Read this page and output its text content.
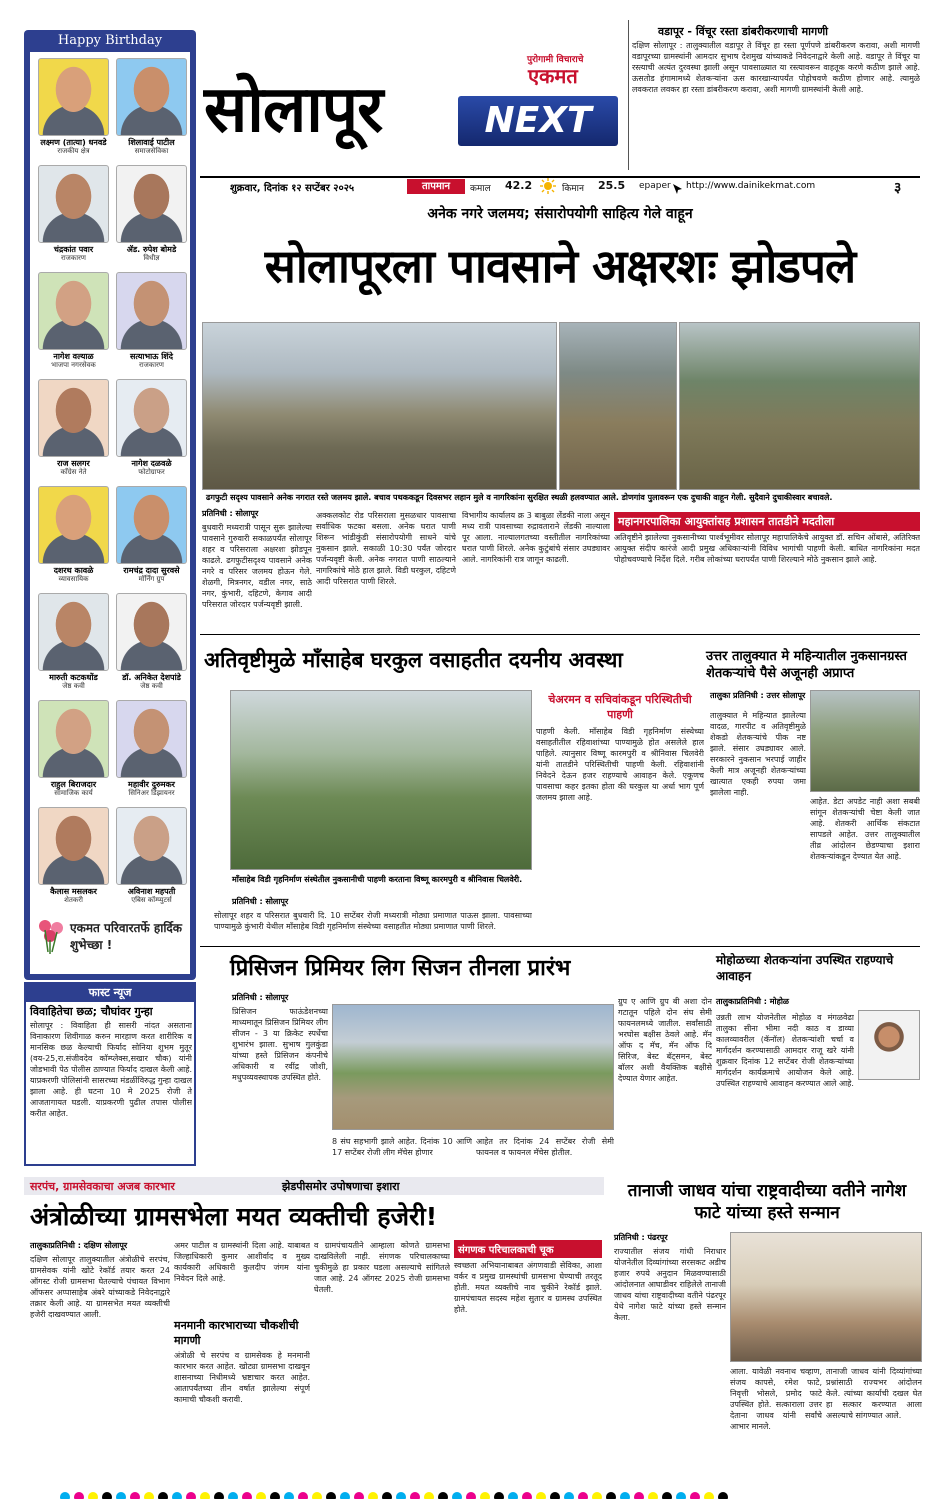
Happy Birthday
लक्ष्मण (तात्या) धनवडे
राजकीय क्षेत्र
शिलावाई पाटील
समाजसेविका
चंद्रकांत पवार
राजकारण
ॲड. रुपेश बोमडे
विधीज्ञ
नागेश वल्याळ
भाजपा नगरसेवक
सत्याभाऊ शिंदे
राजकारण
राज सलगर
कॉंग्रेस नेते
नागेश दळवळे
फोटोग्राफर
दशरथ कावळे
व्यावसायिक
रामचंद्र दादा सुरवसे
मॉर्निंग ग्रुप
मारुती कटकधोंड
जेष्ठ कवी
डॉ. अनिकेत देशपांडे
जेष्ठ कवी
राहुल बिराजदार
सामाजिक कार्य
महावीर दुरुमकर
सिनिअर डिझायनर
कैलास मसलकर
शेतकरी
अविनाश महपती
एबिस कॉम्प्युटर्स
एकमत परिवारतर्फे हार्दिक शुभेच्छा !
फास्ट न्यूज
विवाहितेचा छळ; चौघांवर गुन्हा
सोलापूर : विवाहिता ही सासरी नांदत असताना विनाकारण शिवीगाळ करुन मारहाण करत शारीरिक व मानसिक छळ केल्याची फिर्याद सोनिया शुभम मुतूर (वय-25,रा.संजीवदेव कॉम्प्लेक्स,सखार चौक) यांनी जोडभावी पेठ पोलीस ठाण्यात फिर्याद दाखल केली आहे. याप्रकरणी पोलिसांनी सासरच्या मंडळींविरुद्ध गुन्हा दाखल झाला आहे. ही घटना 10 मे 2025 रोजी ते आजतागायत घडली. याप्रकरणी पुढील तपास पोलीस करीत आहेत.
पुरोगामी विचाराचे
एकमत
सोलापूर	NEXT
शुक्रवार, दिनांक १२ सप्टेंबर २०२५	तापमान	कमाल 42.2	किमान 25.5 epaper http://www.dainikekmat.com	३
वडापूर - विंचूर रस्ता डांबरीकरणाची मागणी
दक्षिण सोलापूर : तालुक्यातील वडापूर ते विंचूर हा रस्ता पूर्णपणे डांबरीकरण करावा, अशी मागणी वडापूरच्या ग्रामस्थांनी आमदार सुभाष देशमुख यांच्याकडे निवेदनाद्वारे केली आहे. वडापूर ते विंचूर या रस्त्याची अत्यंत दुरवस्था झाली असून पावसाळ्यात या रस्त्यावरून वाहतूक करणे कठीण झाले आहे. ऊसतोड हंगामामध्ये शेतकऱ्यांना ऊस कारखान्यापर्यंत पोहोचवणे कठीण होणार आहे. त्यामुळे लवकरात लवकर हा रस्ता डांबरीकरण करावा, अशी मागणी ग्रामस्थांनी केली आहे.
अनेक नगरे जलमय; संसारोपयोगी साहित्य गेले वाहून
सोलापूरला पावसाने अक्षरशः झोडपले
ढगफुटी सदृश्य पावसाने अनेक नगरात रस्ते जलमय झाले. बचाव पथककडून दिवसभर लहान मुले व नागरिकांना सुरक्षित स्थळी हलवण्यात आले. डोणगांव पुलावरून एक दुचाकी वाहून गेली. सुदैवाने दुचाकीस्वार बचावले.
प्रतिनिधी : सोलापूर
बुधवारी मध्यरात्री पासून सुरू झालेल्या पावसाने गुरुवारी सकाळपर्यंत सोलापूर शहर व परिसराला अक्षरशः झोडपून काढले. ढगफुटीसदृश्य पावसाने अनेक नगरे व परिसर जलमय होऊन गेले. शेळगी, मित्रनगर, वडील नगर, साठे नगर, कुंभारी, दहिटणे, केगाव आदी परिसरात जोरदार पर्जन्यवृष्टी झाली.
अक्कलकोट रोड परिसराला मुसळधार पावसाचा सर्वाधिक फटका बसला. अनेक घरात पाणी शिरून भांडीकुंडी संसारोपयोगी साधने यांचे नुकसान झाले. सकाळी 10:30 पर्यंत जोरदार पर्जन्यवृष्टी केली. अनेक नगरात पाणी साठल्याने नागरिकांचे मोठे हाल झाले. विडी घरकुल, दहिटणे आदी परिसरात पाणी शिरले.
विभागीय कार्यालय क्र 3 बाबुळा लेंडकी नाला असून मध्य रात्री पावसाच्या रुद्रावताराने लेंडकी नाल्याला पूर आला. नाल्यालगतच्या वस्तीतील नागरिकांच्या घरात पाणी शिरले. अनेक कुटुंबांचे संसार उघड्यावर आले. नागरिकांनी रात्र जागून काढली.
महानगरपालिका आयुक्तांसह प्रशासन तातडीने मदतीला
अतिवृष्टीने झालेल्या नुकसानीच्या पार्श्वभूमीवर सोलापूर महापालिकेचे आयुक्त डॉ. सचिन ओंबासे, अतिरिक्त आयुक्त संदीप कारंजे आदी प्रमुख अधिकाऱ्यांनी विविध भागांची पाहणी केली. बाधित नागरिकांना मदत पोहोचवण्याचे निर्देश दिले. गरीब लोकांच्या घरापर्यंत पाणी शिरल्याने मोठे नुकसान झाले आहे.
अतिवृष्टीमुळे माँसाहेब घरकुल वसाहतीत दयनीय अवस्था
चेअरमन व सचिवांकडून परिस्थितीची पाहणी
पाहणी केली. माँसाहेब विडी गृहनिर्माण संस्थेच्या वसाहतीतील रहिवाशांच्या पाण्यामुळे होत असलेले हाल पाहिले. त्यानुसार विष्णू कारमपुरी व श्रीनिवास चिलवेरी यांनी तातडीने परिस्थितीची पाहणी केली. रहिवाशांनी निवेदने देऊन हजर राहण्याचे आवाहन केले. एकूणच पावसाचा कहर इतका होता की घरकुल या अर्धा भाग पूर्ण जलमय झाला आहे.
माँसाहेब विडी गृहनिर्माण संस्थेतील नुकसानीची पाहणी करताना विष्णू कारमपुरी व श्रीनिवास चिलवेरी.
प्रतिनिधी : सोलापूर
सोलापूर शहर व परिसरात बुधवारी दि. 10 सप्टेंबर रोजी मध्यरात्री मोठ्या प्रमाणात पाऊस झाला. पावसाच्या पाण्यामुळे कुंभारी येथील माँसाहेब विडी गृहनिर्माण संस्थेच्या वसाहतीत मोठ्या प्रमाणात पाणी शिरले.
उत्तर तालुक्यात मे महिन्यातील नुकसानग्रस्त शेतकऱ्यांचे पैसे अजूनही अप्राप्त
तालुका प्रतिनिधी : उत्तर सोलापूर
तालुक्यात मे महिन्यात झालेल्या वादळ, गारपीट व अतिवृष्टीमुळे शेकडो शेतकऱ्यांचे पीक नष्ट झाले. संसार उघड्यावर आले. सरकारने नुकसान भरपाई जाहीर केली मात्र अजूनही शेतकऱ्यांच्या खात्यात एकही रुपया जमा झालेला नाही.
आहेत. डेटा अपडेट नाही अशा सबबी सांगून शेतकऱ्यांची चेष्टा केली जात आहे. शेतकरी आर्थिक संकटात सापडले आहेत. उत्तर तालुक्यातील तीव्र आंदोलन छेडण्याचा इशारा शेतकऱ्यांकडून देण्यात येत आहे.
प्रिसिजन प्रिमियर लिग सिजन तीनला प्रारंभ
प्रतिनिधी : सोलापूर
प्रिसिजन फाऊंडेशनच्या माध्यमातून प्रिसिजन प्रिमियर लीग सीजन - 3 या क्रिकेट स्पर्धेचा शुभारंभ झाला. सुभाष गुलकुंडा यांच्या हस्ते प्रिसिजन कंपनीचे अधिकारी व रवींद्र जोशी, मधुपव्यवस्थापक उपस्थित होते.
8 संघ सहभागी झाले आहेत. दिनांक 10 आणि 17 सप्टेंबर रोजी लीग मॅचेस होणार
आहेत तर दिनांक 24 सप्टेंबर रोजी सेमी फायनल व फायनल मॅचेस होतील.
ग्रुप ए आणि ग्रुप बी अशा दोन गटातून पहिले दोन संघ सेमी फायनलमध्ये जातील. सर्वांसाठी भरघोस बक्षीस ठेवले आहे. मॅन ऑफ द मॅच, मॅन ऑफ दि सिरिज, बेस्ट बॅट्समन, बेस्ट बॉलर अशी वैयक्तिक बक्षीसे देण्यात येणार आहेत.
मोहोळच्या शेतकऱ्यांना उपस्थित राहण्याचे आवाहन
तालुकाप्रतिनिधी : मोहोळ
उन्नती लाभ योजनेतील मोहोळ व मंगळवेढा तालुका सीना भीमा नदी काठ व डाव्या कालव्यावरील (कॅनॉल) शेतकऱ्यांशी चर्चा व मार्गदर्शन करण्यासाठी आमदार राजू खरे यांनी शुक्रवार दिनांक 12 सप्टेंबर रोजी शेतकऱ्यांच्या मार्गदर्शन कार्यक्रमाचे आयोजन केले आहे. उपस्थित राहण्याचे आवाहन करण्यात आले आहे.
सरपंच, ग्रामसेवकाचा अजब कारभार	झेडपीसमोर उपोषणाचा इशारा
अंत्रोळीच्या ग्रामसभेला मयत व्यक्तीची हजेरी!
तालुकाप्रतिनिधी : दक्षिण सोलापूर
दक्षिण सोलापूर तालुक्यातील अंत्रोळीचे सरपंच, ग्रामसेवक यांनी खोटे रेकॉर्ड तयार करत 24 ऑगस्ट रोजी ग्रामसभा घेतल्याचे पंचायत विभाग ऑफसर अप्पासाहेब अंबरे यांच्याकडे निवेदनाद्वारे तक्रार केली आहे. या ग्रामसभेत मयत व्यक्तीची हजेरी दाखवण्यात आली.
अमर पाटील व ग्रामस्थांनी दिला आहे. याबाबत जिल्हाधिकारी कुमार आशीर्वाद व मुख्य कार्यकारी अधिकारी कुलदीप जंगम यांना निवेदन दिले आहे.
मनमानी कारभाराच्या चौकशीची मागणी
अंत्रोळी चे सरपंच व ग्रामसेवक हे मनमानी कारभार करत आहेत. खोट्या ग्रामसभा दाखवून शासनाच्या निधीमध्ये भ्रष्टाचार करत आहेत. आतापर्यंतच्या तीन वर्षात झालेल्या संपूर्ण कामाची चौकशी करावी.
व ग्रामपंचायतीने आम्हाला कोणते ग्रामसभा दाखविलेली नाही. संगणक परिचालकाच्या चुकीमुळे हा प्रकार घडला असल्याचे सांगितले जात आहे. 24 ऑगस्ट 2025 रोजी ग्रामसभा घेतली.
संगणक परिचालकाची चूक
स्वच्छता अभियानाबाबत अंगणवाडी सेविका, आशा वर्कर व प्रमुख ग्रामस्थांची ग्रामसभा घेण्याची तरतूद होती. मयत व्यक्तीचे नाव चुकीने रेकॉर्ड झाले. ग्रामपंचायत सदस्य महेश सुतार व ग्रामस्थ उपस्थित होते.
तानाजी जाधव यांचा राष्ट्रवादीच्या वतीने नागेश फाटे यांच्या हस्ते सन्मान
प्रतिनिधी : पंढरपूर
राज्यातील संजय गांधी निराधार योजनेतील दिव्यांगांच्या सरसकट अडीच हजार रुपये अनुदान मिळवण्यासाठी आंदोलनात आघाडीवर राहिलेले तानाजी जाधव यांचा राष्ट्रवादीच्या वतीने पंढरपूर येथे नागेश फाटे यांच्या हस्ते सन्मान केला.
आला. यावेळी नवनाथ चव्हाण, संजय कापसे, रमेश फाटे, निवृत्ती भोसले, प्रमोद फाटे उपस्थित होते. सत्काराला उत्तर देताना जाधव यांनी सर्वांचे आभार मानले.
तानाजी जाधव यांनी दिव्यांगांच्या प्रश्नांसाठी राज्यभर आंदोलन केले. त्यांच्या कार्याची दखल घेत हा सत्कार करण्यात आला असल्याचे सांगण्यात आले.
